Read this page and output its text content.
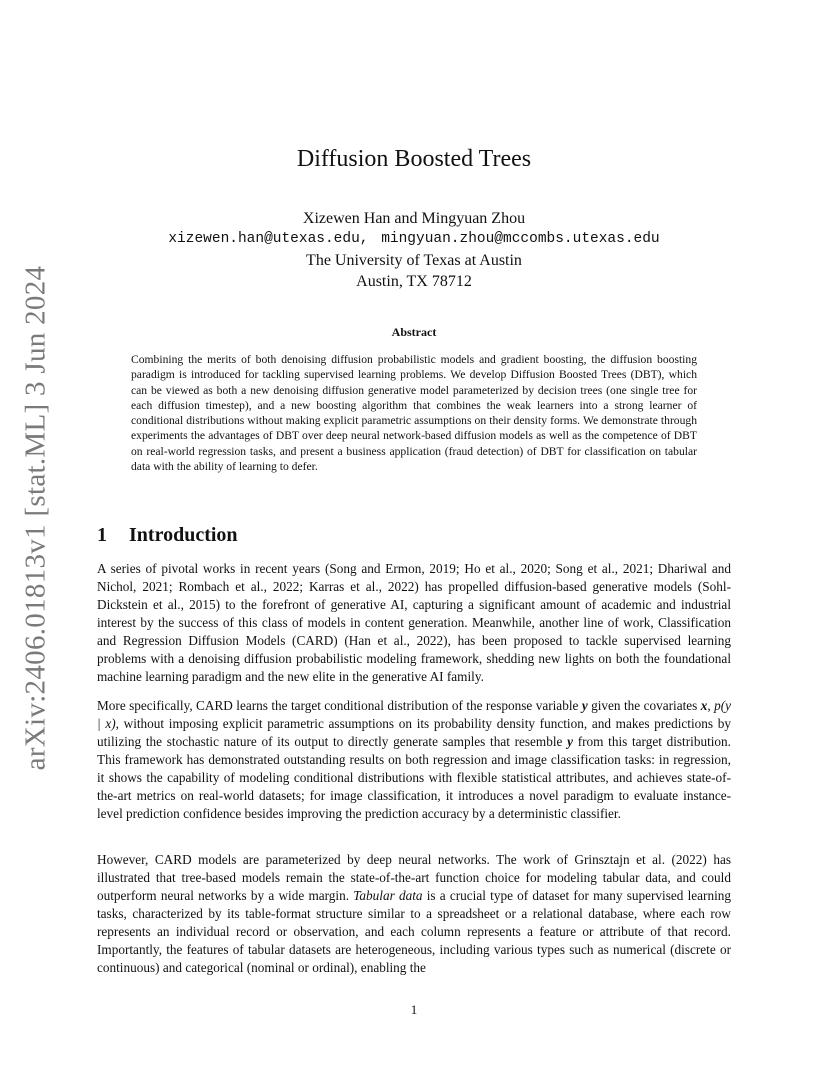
arXiv:2406.01813v1 [stat.ML] 3 Jun 2024
Diffusion Boosted Trees
Xizewen Han and Mingyuan Zhou
xizewen.han@utexas.edu, mingyuan.zhou@mccombs.utexas.edu
The University of Texas at Austin
Austin, TX 78712
Abstract
Combining the merits of both denoising diffusion probabilistic models and gradient boosting, the diffusion boosting paradigm is introduced for tackling supervised learning problems. We develop Diffusion Boosted Trees (DBT), which can be viewed as both a new denoising diffusion generative model parameterized by decision trees (one single tree for each diffusion timestep), and a new boosting algorithm that combines the weak learners into a strong learner of conditional distributions without making explicit parametric assumptions on their density forms. We demonstrate through experiments the advantages of DBT over deep neural network-based diffusion models as well as the competence of DBT on real-world regression tasks, and present a business application (fraud detection) of DBT for classification on tabular data with the ability of learning to defer.
1 Introduction
A series of pivotal works in recent years (Song and Ermon, 2019; Ho et al., 2020; Song et al., 2021; Dhariwal and Nichol, 2021; Rombach et al., 2022; Karras et al., 2022) has propelled diffusion-based generative models (Sohl-Dickstein et al., 2015) to the forefront of generative AI, capturing a significant amount of academic and industrial interest by the success of this class of models in content generation. Meanwhile, another line of work, Classification and Regression Diffusion Models (CARD) (Han et al., 2022), has been proposed to tackle supervised learning problems with a denoising diffusion probabilistic modeling framework, shedding new lights on both the foundational machine learning paradigm and the new elite in the generative AI family.
More specifically, CARD learns the target conditional distribution of the response variable y given the covariates x, p(y | x), without imposing explicit parametric assumptions on its probability density function, and makes predictions by utilizing the stochastic nature of its output to directly generate samples that resemble y from this target distribution. This framework has demonstrated outstanding results on both regression and image classification tasks: in regression, it shows the capability of modeling conditional distributions with flexible statistical attributes, and achieves state-of-the-art metrics on real-world datasets; for image classification, it introduces a novel paradigm to evaluate instance-level prediction confidence besides improving the prediction accuracy by a deterministic classifier.
However, CARD models are parameterized by deep neural networks. The work of Grinsztajn et al. (2022) has illustrated that tree-based models remain the state-of-the-art function choice for modeling tabular data, and could outperform neural networks by a wide margin. Tabular data is a crucial type of dataset for many supervised learning tasks, characterized by its table-format structure similar to a spreadsheet or a relational database, where each row represents an individual record or observation, and each column represents a feature or attribute of that record. Importantly, the features of tabular datasets are heterogeneous, including various types such as numerical (discrete or continuous) and categorical (nominal or ordinal), enabling the
1
